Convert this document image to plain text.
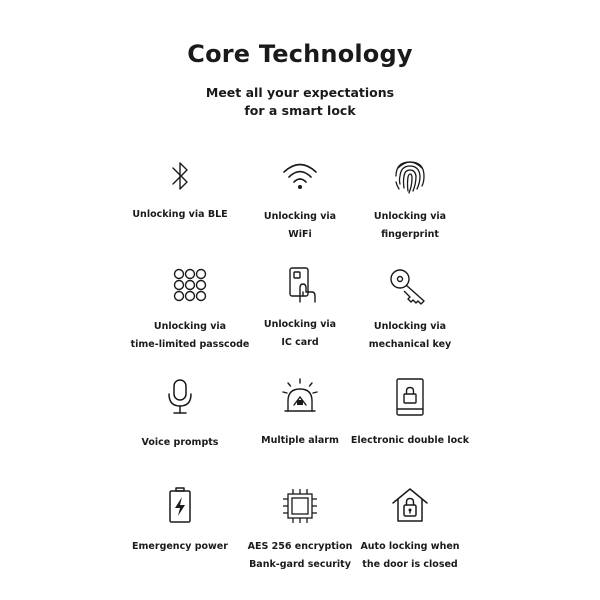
Core Technology
Meet all your expectations
for a smart lock
Unlocking via BLE	Unlocking via
WiFi
Unlocking via
fingerprint
Unlocking via
time-limited passcode
Unlocking via
IC card
Unlocking via
mechanical key
Voice prompts	Multiple alarm	Electronic double lock
Emergency power	AES 256 encryption
Bank-gard security
Auto locking when
the door is closed
